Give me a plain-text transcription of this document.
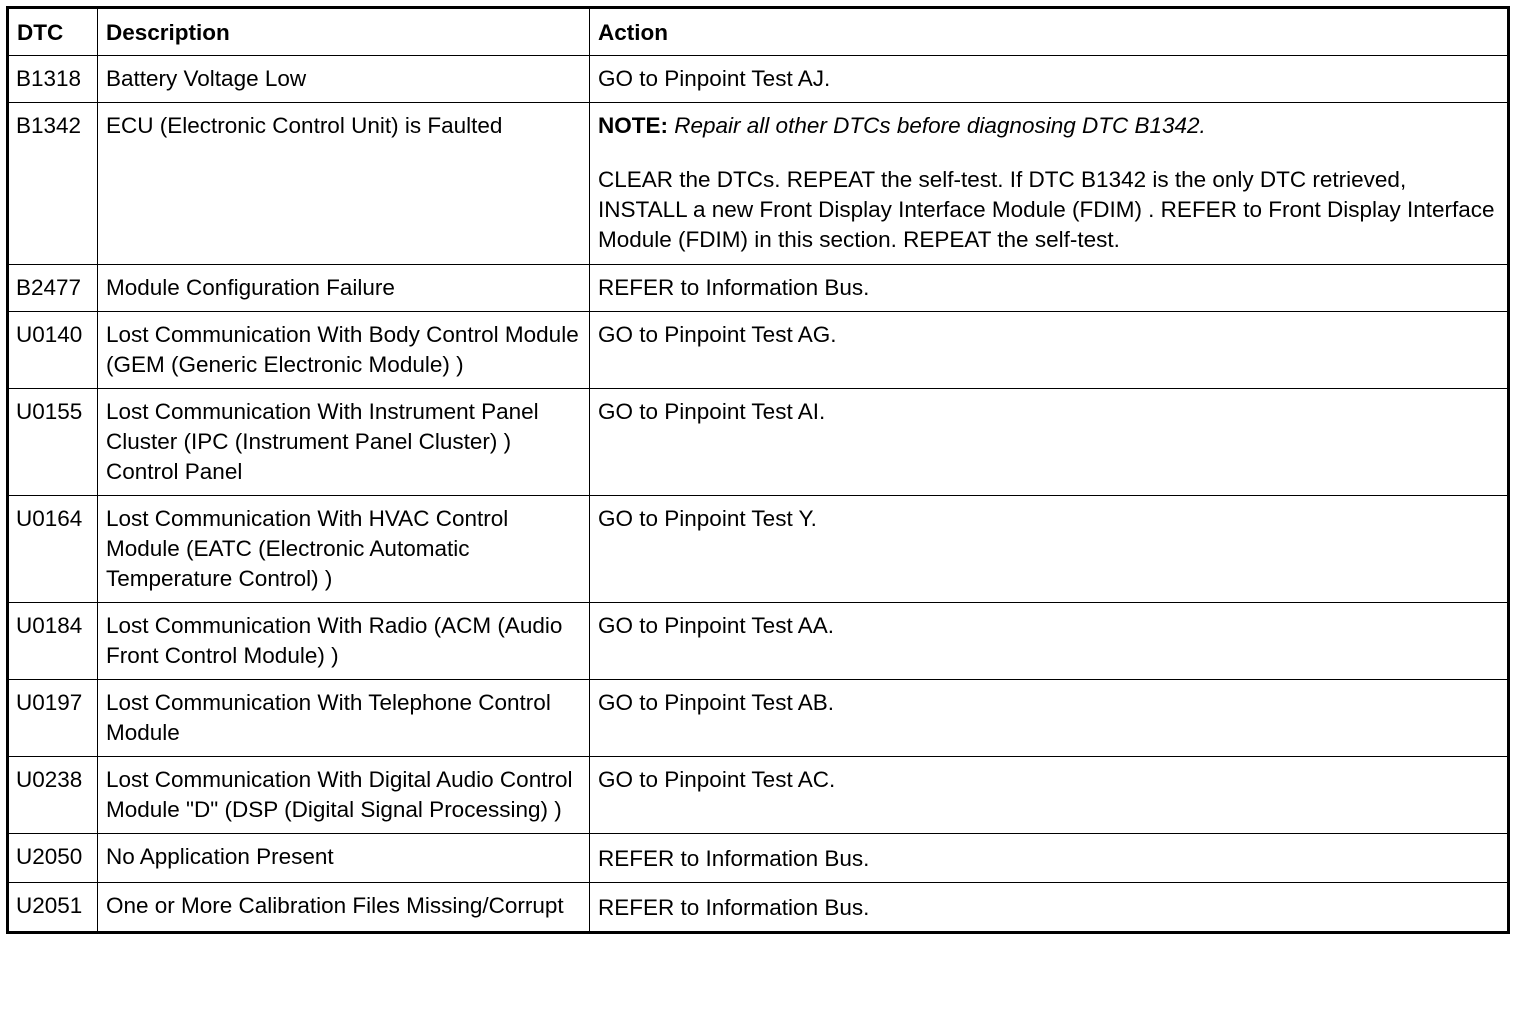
DTC	Description	Action
B1318	Battery Voltage Low	GO to Pinpoint Test AJ.
B1342	ECU (Electronic Control Unit) is Faulted	NOTE: Repair all other DTCs before diagnosing DTC B1342.

CLEAR the DTCs. REPEAT the self-test. If DTC B1342 is the only DTC retrieved, INSTALL a new Front Display Interface Module (FDIM) . REFER to Front Display Interface Module (FDIM) in this section. REPEAT the self-test.

B2477	Module Configuration Failure	REFER to Information Bus.
U0140	Lost Communication With Body Control Module (GEM (Generic Electronic Module) )	GO to Pinpoint Test AG.
U0155	Lost Communication With Instrument Panel Cluster (IPC (Instrument Panel Cluster) ) Control Panel	GO to Pinpoint Test AI.
U0164	Lost Communication With HVAC Control Module (EATC (Electronic Automatic Temperature Control) )	GO to Pinpoint Test Y.
U0184	Lost Communication With Radio (ACM (Audio Front Control Module) )	GO to Pinpoint Test AA.
U0197	Lost Communication With Telephone Control Module	GO to Pinpoint Test AB.
U0238	Lost Communication With Digital Audio Control Module "D" (DSP (Digital Signal Processing) )	GO to Pinpoint Test AC.
U2050	No Application Present	REFER to Information Bus.
U2051	One or More Calibration Files Missing/Corrupt	REFER to Information Bus.
